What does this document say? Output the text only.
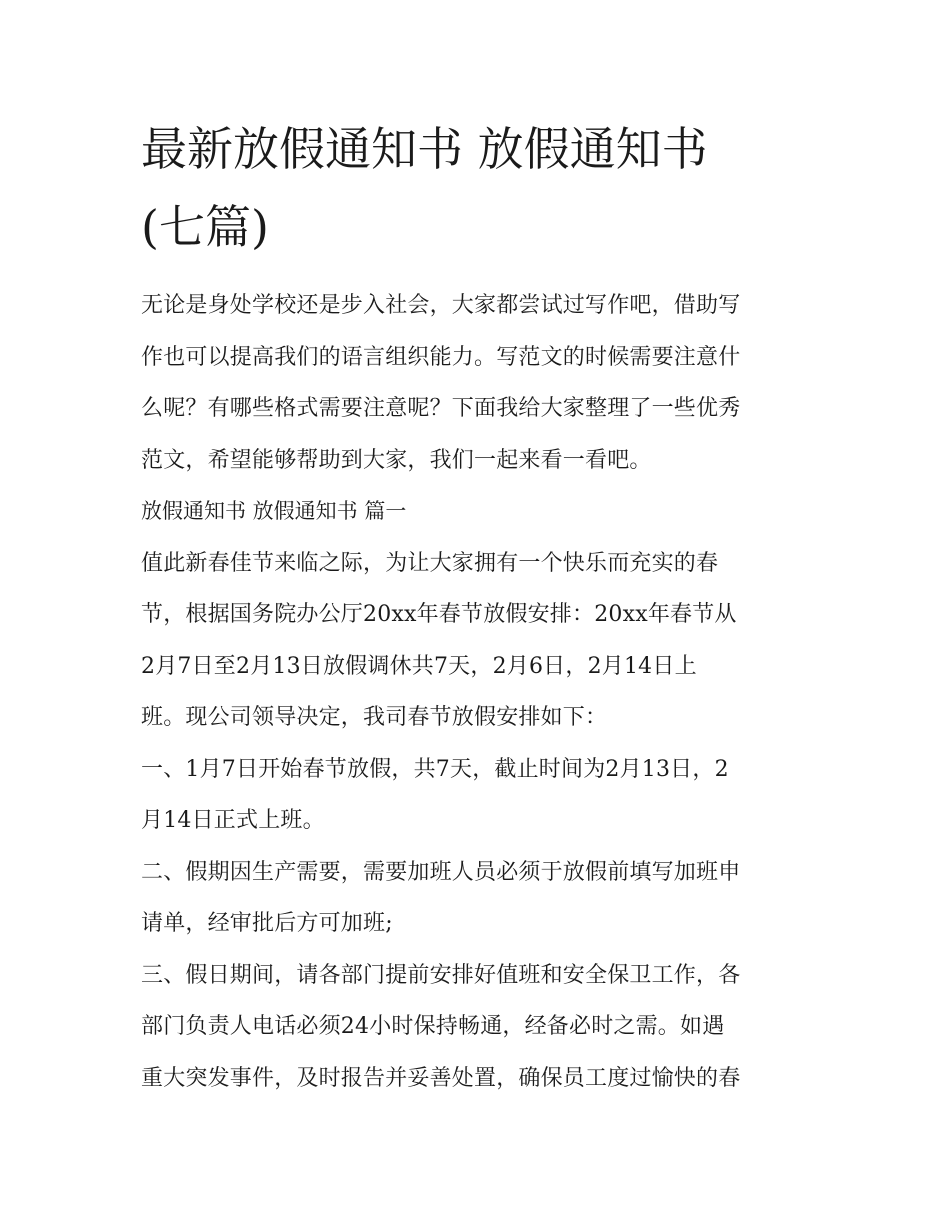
最新放假通知书 放假通知书
(七篇)

无论是身处学校还是步入社会，大家都尝试过写作吧，借助写
作也可以提高我们的语言组织能力。写范文的时候需要注意什
么呢？有哪些格式需要注意呢？下面我给大家整理了一些优秀
范文，希望能够帮助到大家，我们一起来看一看吧。

放假通知书 放假通知书 篇一

值此新春佳节来临之际，为让大家拥有一个快乐而充实的春
节，根据国务院办公厅20xx年春节放假安排：20xx年春节从
2月7日至2月13日放假调休共7天，2月6日，2月14日上
班。现公司领导决定，我司春节放假安排如下：

一、1月7日开始春节放假，共7天，截止时间为2月13日，2
月14日正式上班。

二、假期因生产需要，需要加班人员必须于放假前填写加班申
请单，经审批后方可加班;

三、假日期间，请各部门提前安排好值班和安全保卫工作，各
部门负责人电话必须24小时保持畅通，经备必时之需。如遇
重大突发事件，及时报告并妥善处置，确保员工度过愉快的春
